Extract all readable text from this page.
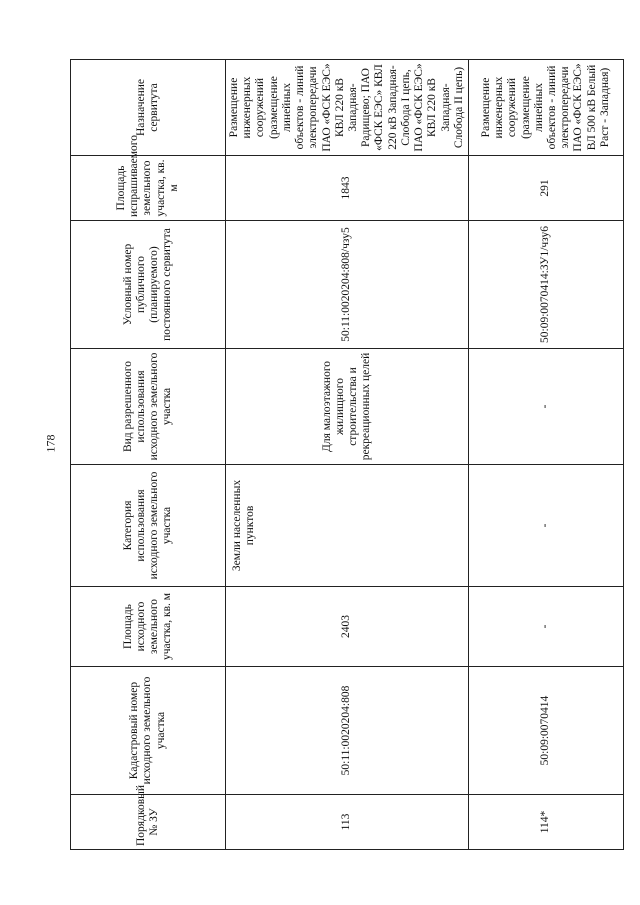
178
Порядковый № ЗУ	Кадастровый номер исходного земельного участка	Площадь исходного земельного участка, кв. м	Категория использования исходного земельного участка	Вид разрешенного использования исходного земельного участка	Условный номер публичного (планируемого) постоянного сервитута	Площадь испрашиваемого земельного участка, кв. м	Назначение сервитута
113	50:11:0020204:808	2403	Земли населенных пунктов	Для малоэтажного жилищного строительства и рекреационных целей	50:11:0020204:808/чзу5	1843	Размещение инженерных сооружений (размещение линейных объектов - линий электропередачи ПАО «ФСК ЕЭС» КВЛ 220 кВ Западная-Радищево; ПАО «ФСК ЕЭС» КВЛ 220 кВ Западная-Слобода I цепь, ПАО «ФСК ЕЭС» КВЛ 220 кВ Западная-Слобода II цепь)
114*	50:09:0070414	-	-	-	50:09:0070414:ЗУ1/чзу6	291	Размещение инженерных сооружений (размещение линейных объектов - линий электропередачи ПАО «ФСК ЕЭС» ВЛ 500 кВ Белый Раст - Западная)
